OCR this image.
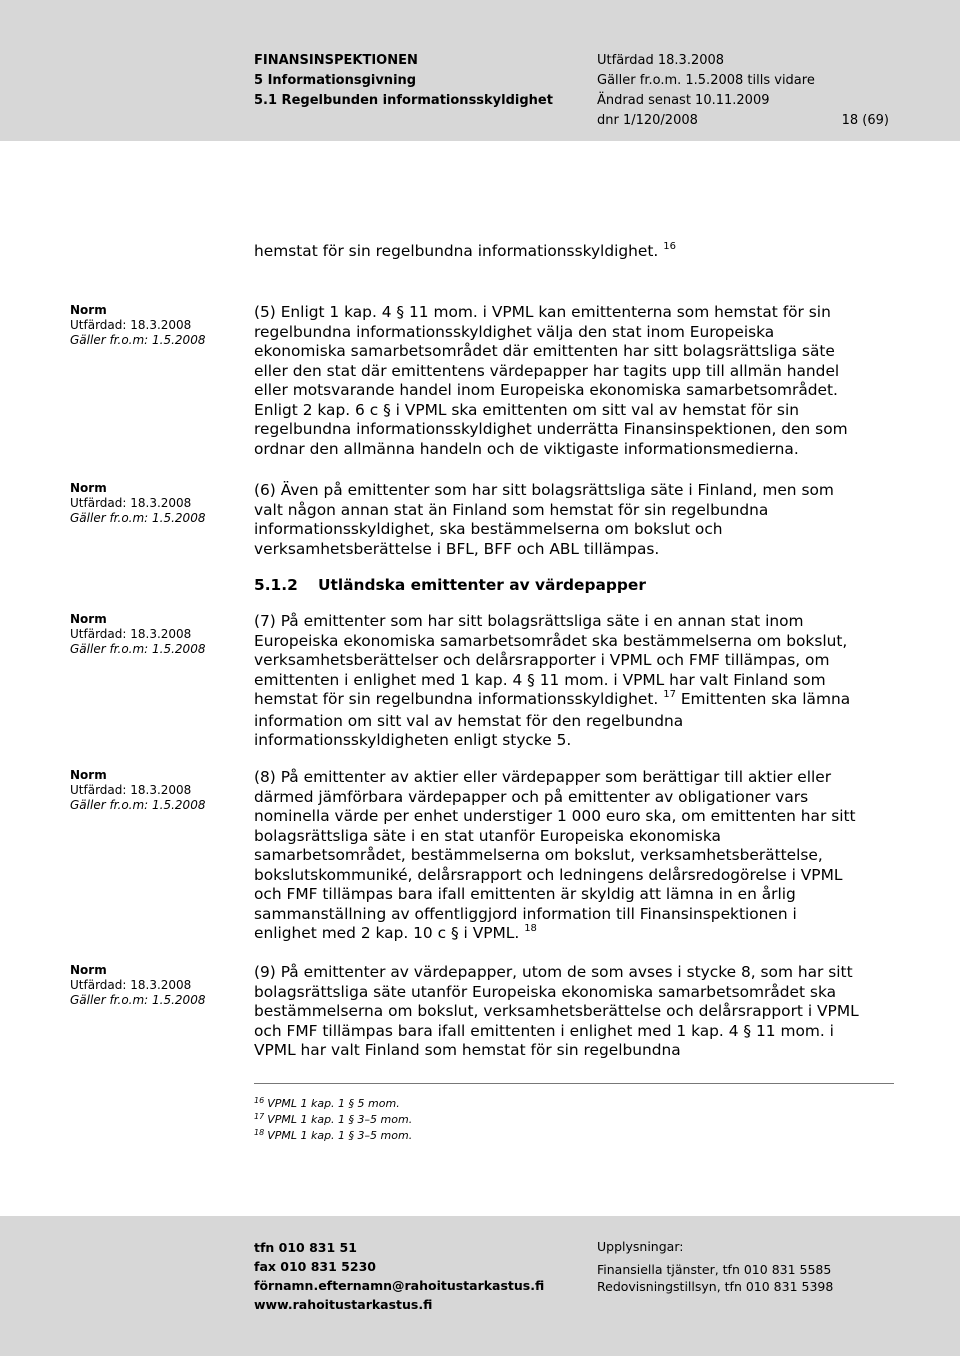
FINANSINSPEKTIONEN
5 Informationsgivning
5.1 Regelbunden informationsskyldighet
Utfärdad 18.3.2008
Gäller fr.o.m. 1.5.2008 tills vidare
Ändrad senast 10.11.2009
dnr 1/120/2008	18 (69)

hemstat för sin regelbundna informationsskyldighet. $^{16}$

Norm
Utfärdad: 18.3.2008
Gäller fr.o.m: 1.5.2008

(5) Enligt 1 kap. 4 § 11 mom. i VPML kan emittenterna som hemstat för sin

regelbundna informationsskyldighet välja den stat inom Europeiska

ekonomiska samarbetsområdet där emittenten har sitt bolagsrättsliga säte

eller den stat där emittentens värdepapper har tagits upp till allmän handel

eller motsvarande handel inom Europeiska ekonomiska samarbetsområdet.

Enligt 2 kap. 6 c § i VPML ska emittenten om sitt val av hemstat för sin

regelbundna informationsskyldighet underrätta Finansinspektionen, den som

ordnar den allmänna handeln och de viktigaste informationsmedierna.

Norm
Utfärdad: 18.3.2008
Gäller fr.o.m: 1.5.2008

(6) Även på emittenter som har sitt bolagsrättsliga säte i Finland, men som

valt någon annan stat än Finland som hemstat för sin regelbundna

informationsskyldighet, ska bestämmelserna om bokslut och

verksamhetsberättelse i BFL, BFF och ABL tillämpas.

5.1.2 Utländska emittenter av värdepapper
Norm
Utfärdad: 18.3.2008
Gäller fr.o.m: 1.5.2008

(7) På emittenter som har sitt bolagsrättsliga säte i en annan stat inom

Europeiska ekonomiska samarbetsområdet ska bestämmelserna om bokslut,

verksamhetsberättelser och delårsrapporter i VPML och FMF tillämpas, om

emittenten i enlighet med 1 kap. 4 § 11 mom. i VPML har valt Finland som

hemstat för sin regelbundna informationsskyldighet. $^{17}$ Emittenten ska lämna

information om sitt val av hemstat för den regelbundna

informationsskyldigheten enligt stycke 5.

Norm
Utfärdad: 18.3.2008
Gäller fr.o.m: 1.5.2008

(8) På emittenter av aktier eller värdepapper som berättigar till aktier eller

därmed jämförbara värdepapper och på emittenter av obligationer vars

nominella värde per enhet understiger 1 000 euro ska, om emittenten har sitt

bolagsrättsliga säte i en stat utanför Europeiska ekonomiska

samarbetsområdet, bestämmelserna om bokslut, verksamhetsberättelse,

bokslutskommuniké, delårsrapport och ledningens delårsredogörelse i VPML

och FMF tillämpas bara ifall emittenten är skyldig att lämna in en årlig

sammanställning av offentliggjord information till Finansinspektionen i

enlighet med 2 kap. 10 c § i VPML. $^{18}$

Norm
Utfärdad: 18.3.2008
Gäller fr.o.m: 1.5.2008

(9) På emittenter av värdepapper, utom de som avses i stycke 8, som har sitt

bolagsrättsliga säte utanför Europeiska ekonomiska samarbetsområdet ska

bestämmelserna om bokslut, verksamhetsberättelse och delårsrapport i VPML

och FMF tillämpas bara ifall emittenten i enlighet med 1 kap. 4 § 11 mom. i

VPML har valt Finland som hemstat för sin regelbundna

$^{16}$ VPML 1 kap. 1 § 5 mom.
$^{17}$ VPML 1 kap. 1 § 3–5 mom.
$^{18}$ VPML 1 kap. 1 § 3–5 mom.
tfn 010 831 51
fax 010 831 5230
förnamn.efternamn@rahoitustarkastus.fi
www.rahoitustarkastus.fi
Upplysningar:
Finansiella tjänster, tfn 010 831 5585
Redovisningstillsyn, tfn 010 831 5398
